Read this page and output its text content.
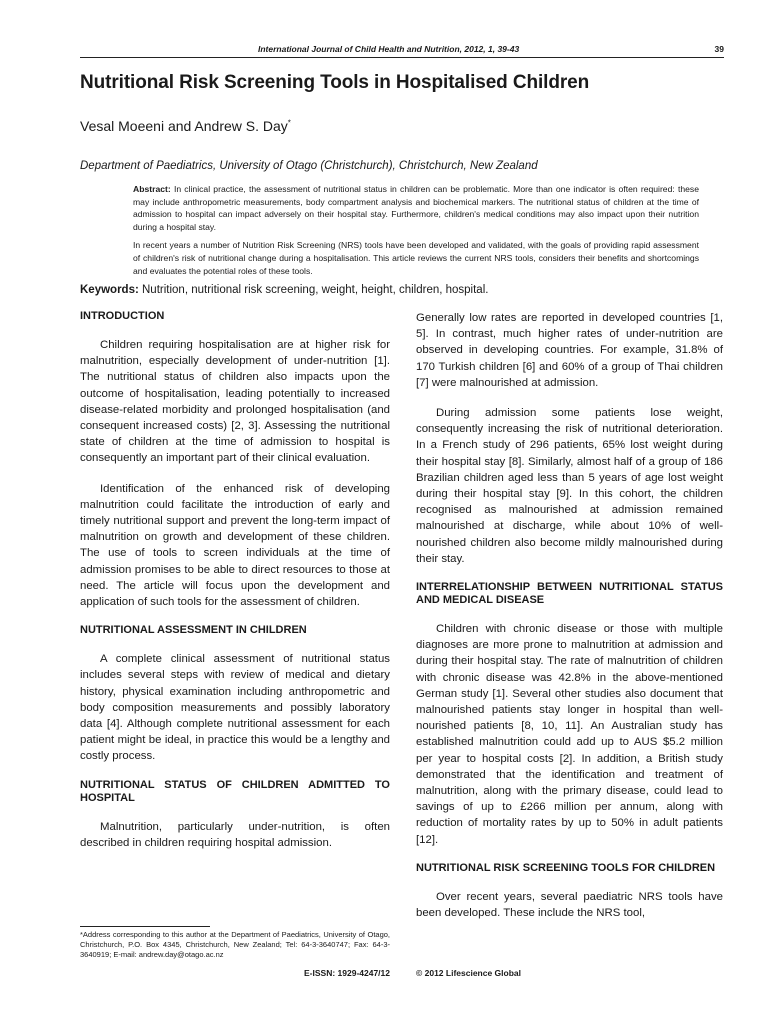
International Journal of Child Health and Nutrition, 2012, 1, 39-43	39
Nutritional Risk Screening Tools in Hospitalised Children
Vesal Moeeni and Andrew S. Day*
Department of Paediatrics, University of Otago (Christchurch), Christchurch, New Zealand

Abstract: In clinical practice, the assessment of nutritional status in children can be problematic. More than one indicator is often required: these may include anthropometric measurements, body compartment analysis and biochemical markers. The nutritional status of children at the time of admission to hospital can impact adversely on their hospital stay. Furthermore, children's medical conditions may also impact upon their nutrition during a hospital stay.

In recent years a number of Nutrition Risk Screening (NRS) tools have been developed and validated, with the goals of providing rapid assessment of children's risk of nutritional change during a hospitalisation. This article reviews the current NRS tools, considers their benefits and shortcomings and evaluates the potential roles of these tools.

Keywords: Nutrition, nutritional risk screening, weight, height, children, hospital.
INTRODUCTION

Children requiring hospitalisation are at higher risk for malnutrition, especially development of under-nutrition [1]. The nutritional status of children also impacts upon the outcome of hospitalisation, leading potentially to increased disease-related morbidity and prolonged hospitalisation (and consequent increased costs) [2, 3]. Assessing the nutritional state of children at the time of admission to hospital is consequently an important part of their clinical evaluation.

Identification of the enhanced risk of developing malnutrition could facilitate the introduction of early and timely nutritional support and prevent the long-term impact of malnutrition on growth and development of these children. The use of tools to screen individuals at the time of admission promises to be able to direct resources to those at need. The article will focus upon the development and application of such tools for the assessment of children.

NUTRITIONAL ASSESSMENT IN CHILDREN

A complete clinical assessment of nutritional status includes several steps with review of medical and dietary history, physical examination including anthropometric and body composition measurements and possibly laboratory data [4]. Although complete nutritional assessment for each patient might be ideal, in practice this would be a lengthy and costly process.

NUTRITIONAL STATUS OF CHILDREN ADMITTED TO HOSPITAL

Malnutrition, particularly under-nutrition, is often described in children requiring hospital admission.

Generally low rates are reported in developed countries [1, 5]. In contrast, much higher rates of under-nutrition are observed in developing countries. For example, 31.8% of 170 Turkish children [6] and 60% of a group of Thai children [7] were malnourished at admission.

During admission some patients lose weight, consequently increasing the risk of nutritional deterioration. In a French study of 296 patients, 65% lost weight during their hospital stay [8]. Similarly, almost half of a group of 186 Brazilian children aged less than 5 years of age lost weight during their hospital stay [9]. In this cohort, the children recognised as malnourished at admission remained malnourished at discharge, while about 10% of well-nourished children also become mildly malnourished during their stay.

INTERRELATIONSHIP BETWEEN NUTRITIONAL STATUS AND MEDICAL DISEASE

Children with chronic disease or those with multiple diagnoses are more prone to malnutrition at admission and during their hospital stay. The rate of malnutrition of children with chronic disease was 42.8% in the above-mentioned German study [1]. Several other studies also document that malnourished patients stay longer in hospital than well-nourished patients [8, 10, 11]. An Australian study has established malnutrition could add up to AUS $5.2 million per year to hospital costs [2]. In addition, a British study demonstrated that the identification and treatment of malnutrition, along with the primary disease, could lead to savings of up to £266 million per annum, along with reduction of mortality rates by up to 50% in adult patients [12].

NUTRITIONAL RISK SCREENING TOOLS FOR CHILDREN

Over recent years, several paediatric NRS tools have been developed. These include the NRS tool,

*Address corresponding to this author at the Department of Paediatrics, University of Otago, Christchurch, P.O. Box 4345, Christchurch, New Zealand; Tel: 64-3-3640747; Fax: 64-3-3640919; E-mail: andrew.day@otago.ac.nz
E-ISSN: 1929-4247/12	© 2012 Lifescience Global
